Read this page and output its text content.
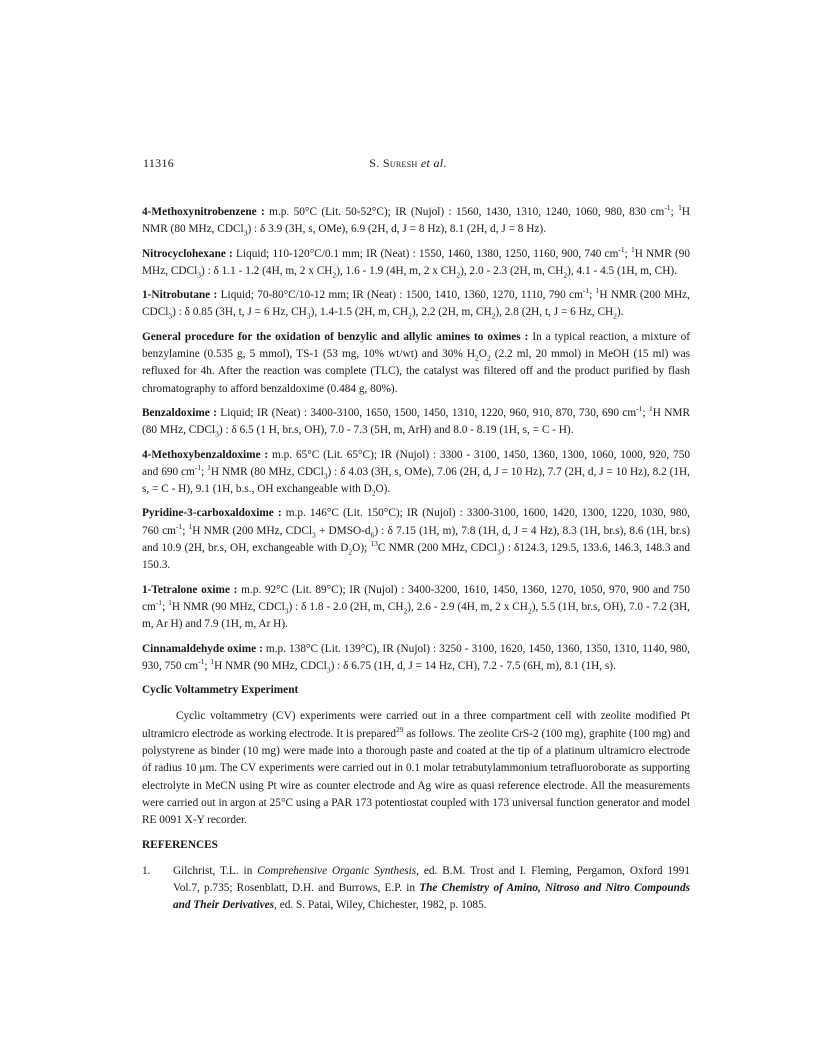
11316	S. Suresh et al.

4-Methoxynitrobenzene : m.p. 50°C (Lit. 50-52°C); IR (Nujol) : 1560, 1430, 1310, 1240, 1060, 980, 830 $cm^{-1}$; $^1$H NMR (80 MHz, CDCl$_3$) : δ 3.9 (3H, s, OMe), 6.9 (2H, d, J = 8 Hz), 8.1 (2H, d, J = 8 Hz).

Nitrocyclohexane : Liquid; 110-120°C/0.1 mm; IR (Neat) : 1550, 1460, 1380, 1250, 1160, 900, 740 $cm^{-1}$; $^1$H NMR (90 MHz, CDCl$_3$) : δ 1.1 - 1.2 (4H, m, 2 x $CH_2$), 1.6 - 1.9 (4H, m, 2 x $CH_2$), 2.0 - 2.3 (2H, m, $CH_2$), 4.1 - 4.5 (1H, m, CH).

1-Nitrobutane : Liquid; 70-80°C/10-12 mm; IR (Neat) : 1500, 1410, 1360, 1270, 1110, 790 $cm^{-1}$; $^1$H NMR (200 MHz, CDCl$_3$) : δ 0.85 (3H, t, J = 6 Hz, $CH_3$), 1.4-1.5 (2H, m, $CH_2$), 2.2 (2H, m, $CH_2$), 2.8 (2H, t, J = 6 Hz, $CH_2$).

General procedure for the oxidation of benzylic and allylic amines to oximes : In a typical reaction, a mixture of benzylamine (0.535 g, 5 mmol), TS-1 (53 mg, 10% wt/wt) and 30% $H_2O_2$ (2.2 ml, 20 mmol) in MeOH (15 ml) was refluxed for 4h. After the reaction was complete (TLC), the catalyst was filtered off and the product purified by flash chromatography to afford benzaldoxime (0.484 g, 80%).

Benzaldoxime : Liquid; IR (Neat) : 3400-3100, 1650, 1500, 1450, 1310, 1220, 960, 910, 870, 730, 690 $cm^{-1}$; $^1$H NMR (80 MHz, CDCl$_3$) : δ 6.5 (1 H, br.s, OH), 7.0 - 7.3 (5H, m, ArH) and 8.0 - 8.19 (1H, s, = C - H).

4-Methoxybenzaldoxime : m.p. 65°C (Lit. 65°C); IR (Nujol) : 3300 - 3100, 1450, 1360, 1300, 1060, 1000, 920, 750 and 690 $cm^{-1}$; $^1$H NMR (80 MHz, CDCl$_3$) : δ 4.03 (3H, s, OMe), 7.06 (2H, d, J = 10 Hz), 7.7 (2H, d, J = 10 Hz), 8.2 (1H, s, = C - H), 9.1 (1H, b.s., OH exchangeable with $D_2O$).

Pyridine-3-carboxaldoxime : m.p. 146°C (Lit. 150°C); IR (Nujol) : 3300-3100, 1600, 1420, 1300, 1220, 1030, 980, 760 $cm^{-1}$; $^1$H NMR (200 MHz, CDCl$_3$ + DMSO-$d_6$) : δ 7.15 (1H, m), 7.8 (1H, d, J = 4 Hz), 8.3 (1H, br.s), 8.6 (1H, br.s) and 10.9 (2H, br.s, OH, exchangeable with $D_2O$); $^{13}$C NMR (200 MHz, CDCl$_3$) : δ124.3, 129.5, 133.6, 146.3, 148.3 and 150.3.

1-Tetralone oxime : m.p. 92°C (Lit. 89°C); IR (Nujol) : 3400-3200, 1610, 1450, 1360, 1270, 1050, 970, 900 and 750 $cm^{-1}$; $^1$H NMR (90 MHz, CDCl$_3$) : δ 1.8 - 2.0 (2H, m, $CH_2$), 2.6 - 2.9 (4H, m, 2 x $CH_2$), 5.5 (1H, br.s, OH), 7.0 - 7.2 (3H, m, Ar H) and 7.9 (1H, m, Ar H).

Cinnamaldehyde oxime : m.p. 138°C (Lit. 139°C), IR (Nujol) : 3250 - 3100, 1620, 1450, 1360, 1350, 1310, 1140, 980, 930, 750 $cm^{-1}$; $^1$H NMR (90 MHz, CDCl$_3$) : δ 6.75 (1H, d, J = 14 Hz, CH), 7.2 - 7.5 (6H, m), 8.1 (1H, s).

Cyclic Voltammetry Experiment

Cyclic voltammetry (CV) experiments were carried out in a three compartment cell with zeolite modified Pt ultramicro electrode as working electrode. It is prepared$^{29}$ as follows. The zeolite CrS-2 (100 mg), graphite (100 mg) and polystyrene as binder (10 mg) were made into a thorough paste and coated at the tip of a platinum ultramicro electrode of radius 10 μm. The CV experiments were carried out in 0.1 molar tetrabutylammonium tetrafluoroborate as supporting electrolyte in MeCN using Pt wire as counter electrode and Ag wire as quasi reference electrode. All the measurements were carried out in argon at 25°C using a PAR 173 potentiostat coupled with 173 universal function generator and model RE 0091 X-Y recorder.

REFERENCES

1.	Gilchrist, T.L. in Comprehensive Organic Synthesis, ed. B.M. Trost and I. Fleming, Pergamon, Oxford 1991 Vol.7, p.735; Rosenblatt, D.H. and Burrows, E.P. in The Chemistry of Amino, Nitroso and Nitro Compounds and Their Derivatives, ed. S. Patai, Wiley, Chichester, 1982, p. 1085.
